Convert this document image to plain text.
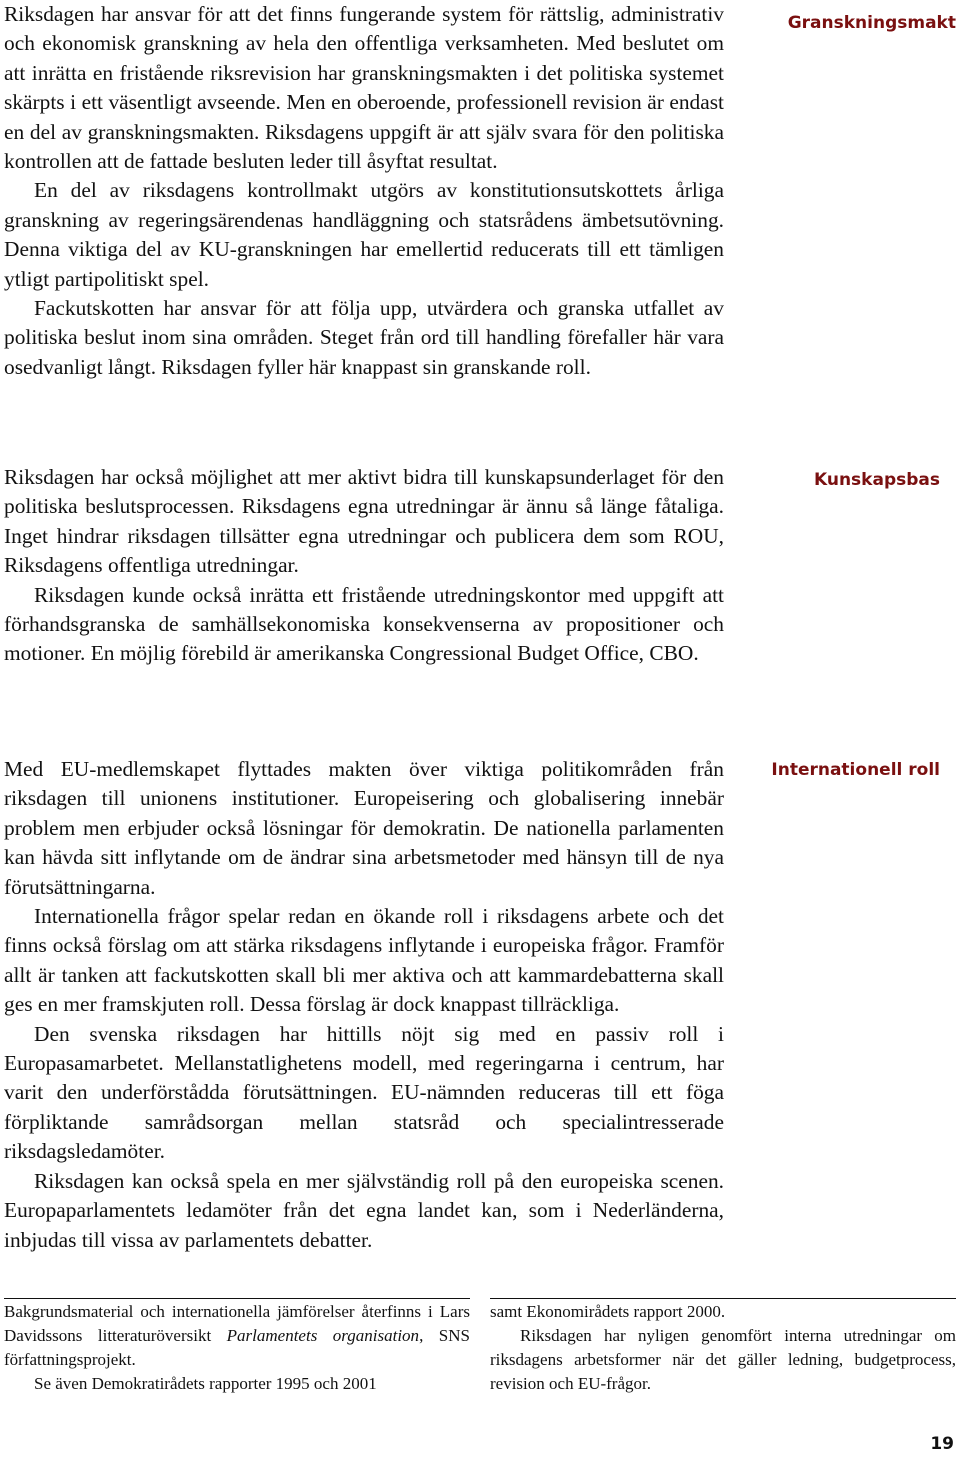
Riksdagen har ansvar för att det finns fungerande system för rättslig, administrativ och ekonomisk granskning av hela den offentliga verksamheten. Med beslutet om att inrätta en fristående riksrevision har granskningsmakten i det politiska systemet skärpts i ett väsentligt avseende. Men en oberoende, professionell revision är endast en del av granskningsmakten. Riksdagens uppgift är att själv svara för den politiska kontrollen att de fattade besluten leder till åsyftat resultat.

En del av riksdagens kontrollmakt utgörs av konstitutionsutskottets årliga granskning av regeringsärendenas handläggning och statsrådens ämbetsutövning. Denna viktiga del av KU-granskningen har emellertid reducerats till ett tämligen ytligt partipolitiskt spel.

Fackutskotten har ansvar för att följa upp, utvärdera och granska utfallet av politiska beslut inom sina områden. Steget från ord till handling förefaller här vara osedvanligt långt. Riksdagen fyller här knappast sin granskande roll.

Granskningsmakt

Riksdagen har också möjlighet att mer aktivt bidra till kunskapsunderlaget för den politiska beslutsprocessen. Riksdagens egna utredningar är ännu så länge fåtaliga. Inget hindrar riksdagen tillsätter egna utredningar och publicera dem som ROU, Riksdagens offentliga utredningar.

Riksdagen kunde också inrätta ett fristående utredningskontor med uppgift att förhandsgranska de samhällsekonomiska konsekvenserna av propositioner och motioner. En möjlig förebild är amerikanska Congressional Budget Office, CBO.

Kunskapsbas

Med EU-medlemskapet flyttades makten över viktiga politikområden från riksdagen till unionens institutioner. Europeisering och globalisering innebär problem men erbjuder också lösningar för demokratin. De nationella parlamenten kan hävda sitt inflytande om de ändrar sina arbetsmetoder med hänsyn till de nya förutsättningarna.

Internationella frågor spelar redan en ökande roll i riksdagens arbete och det finns också förslag om att stärka riksdagens inflytande i europeiska frågor. Framför allt är tanken att fackutskotten skall bli mer aktiva och att kammardebatterna skall ges en mer framskjuten roll. Dessa förslag är dock knappast tillräckliga.

Den svenska riksdagen har hittills nöjt sig med en passiv roll i Europasamarbetet. Mellanstatlighetens modell, med regeringarna i centrum, har varit den underförstådda förutsättningen. EU-nämnden reduceras till ett föga förpliktande samrådsorgan mellan statsråd och specialintresserade riksdagsledamöter.

Riksdagen kan också spela en mer självständig roll på den europeiska scenen. Europaparlamentets ledamöter från det egna landet kan, som i Nederländerna, inbjudas till vissa av parlamentets debatter.

Internationell roll

Bakgrundsmaterial och internationella jämförelser återfinns i Lars Davidssons litteraturöversikt Parlamentets organisation, SNS författningsprojekt.

Se även Demokratirådets rapporter 1995 och 2001

samt Ekonomirådets rapport 2000.

Riksdagen har nyligen genomfört interna utredningar om riksdagens arbetsformer när det gäller ledning, budgetprocess, revision och EU-frågor.

19
